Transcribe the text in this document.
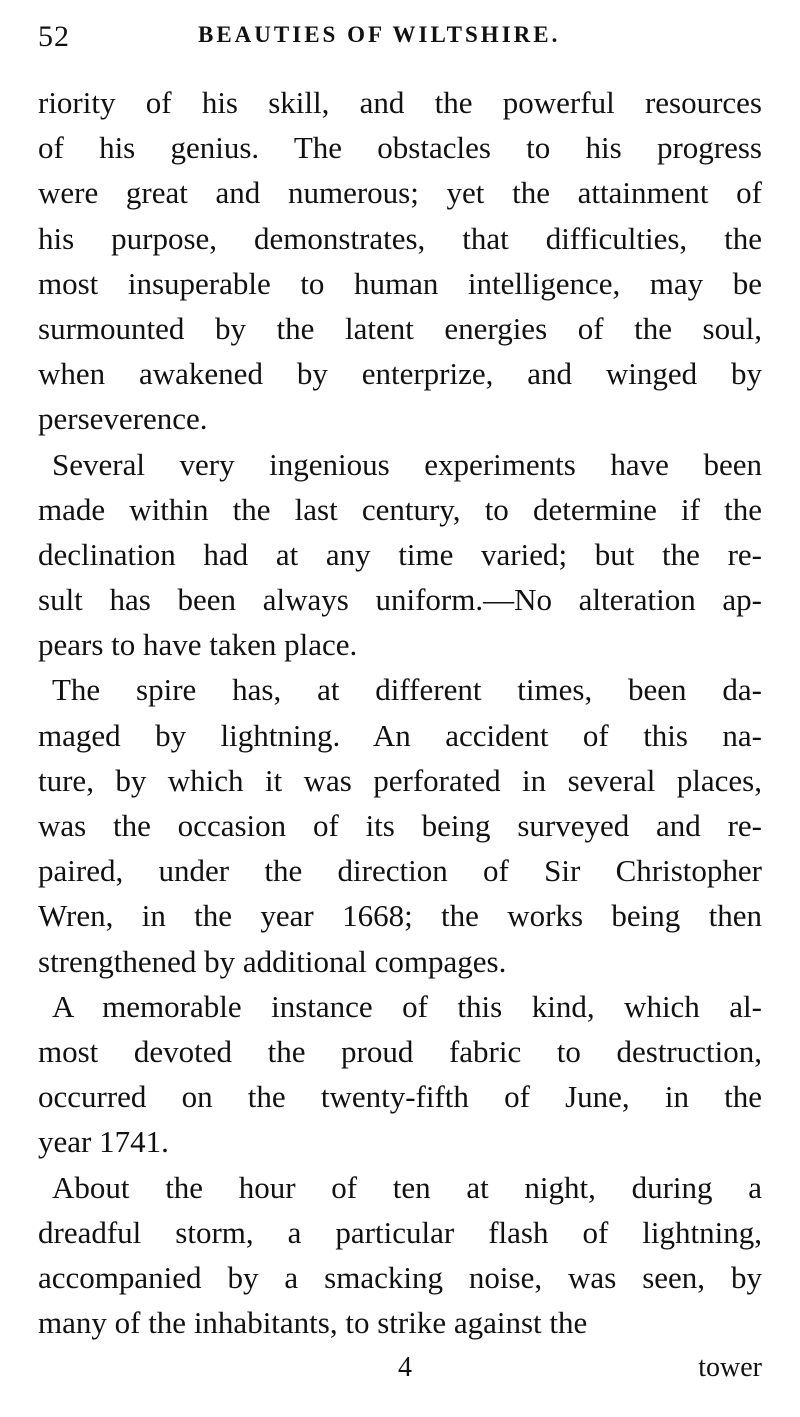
52	BEAUTIES OF WILTSHIRE.
riority of his skill, and the powerful resources
of his genius. The obstacles to his progress
were great and numerous; yet the attainment of
his purpose, demonstrates, that difficulties, the
most insuperable to human intelligence, may be
surmounted by the latent energies of the soul,
when awakened by enterprize, and winged by
perseverence.
Several very ingenious experiments have been
made within the last century, to determine if the
declination had at any time varied; but the re-
sult has been always uniform.—No alteration ap-
pears to have taken place.
The spire has, at different times, been da-
maged by lightning. An accident of this na-
ture, by which it was perforated in several places,
was the occasion of its being surveyed and re-
paired, under the direction of Sir Christopher
Wren, in the year 1668; the works being then
strengthened by additional compages.
A memorable instance of this kind, which al-
most devoted the proud fabric to destruction,
occurred on the twenty-fifth of June, in the
year 1741.
About the hour of ten at night, during a
dreadful storm, a particular flash of lightning,
accompanied by a smacking noise, was seen, by
many of the inhabitants, to strike against the
4	tower
